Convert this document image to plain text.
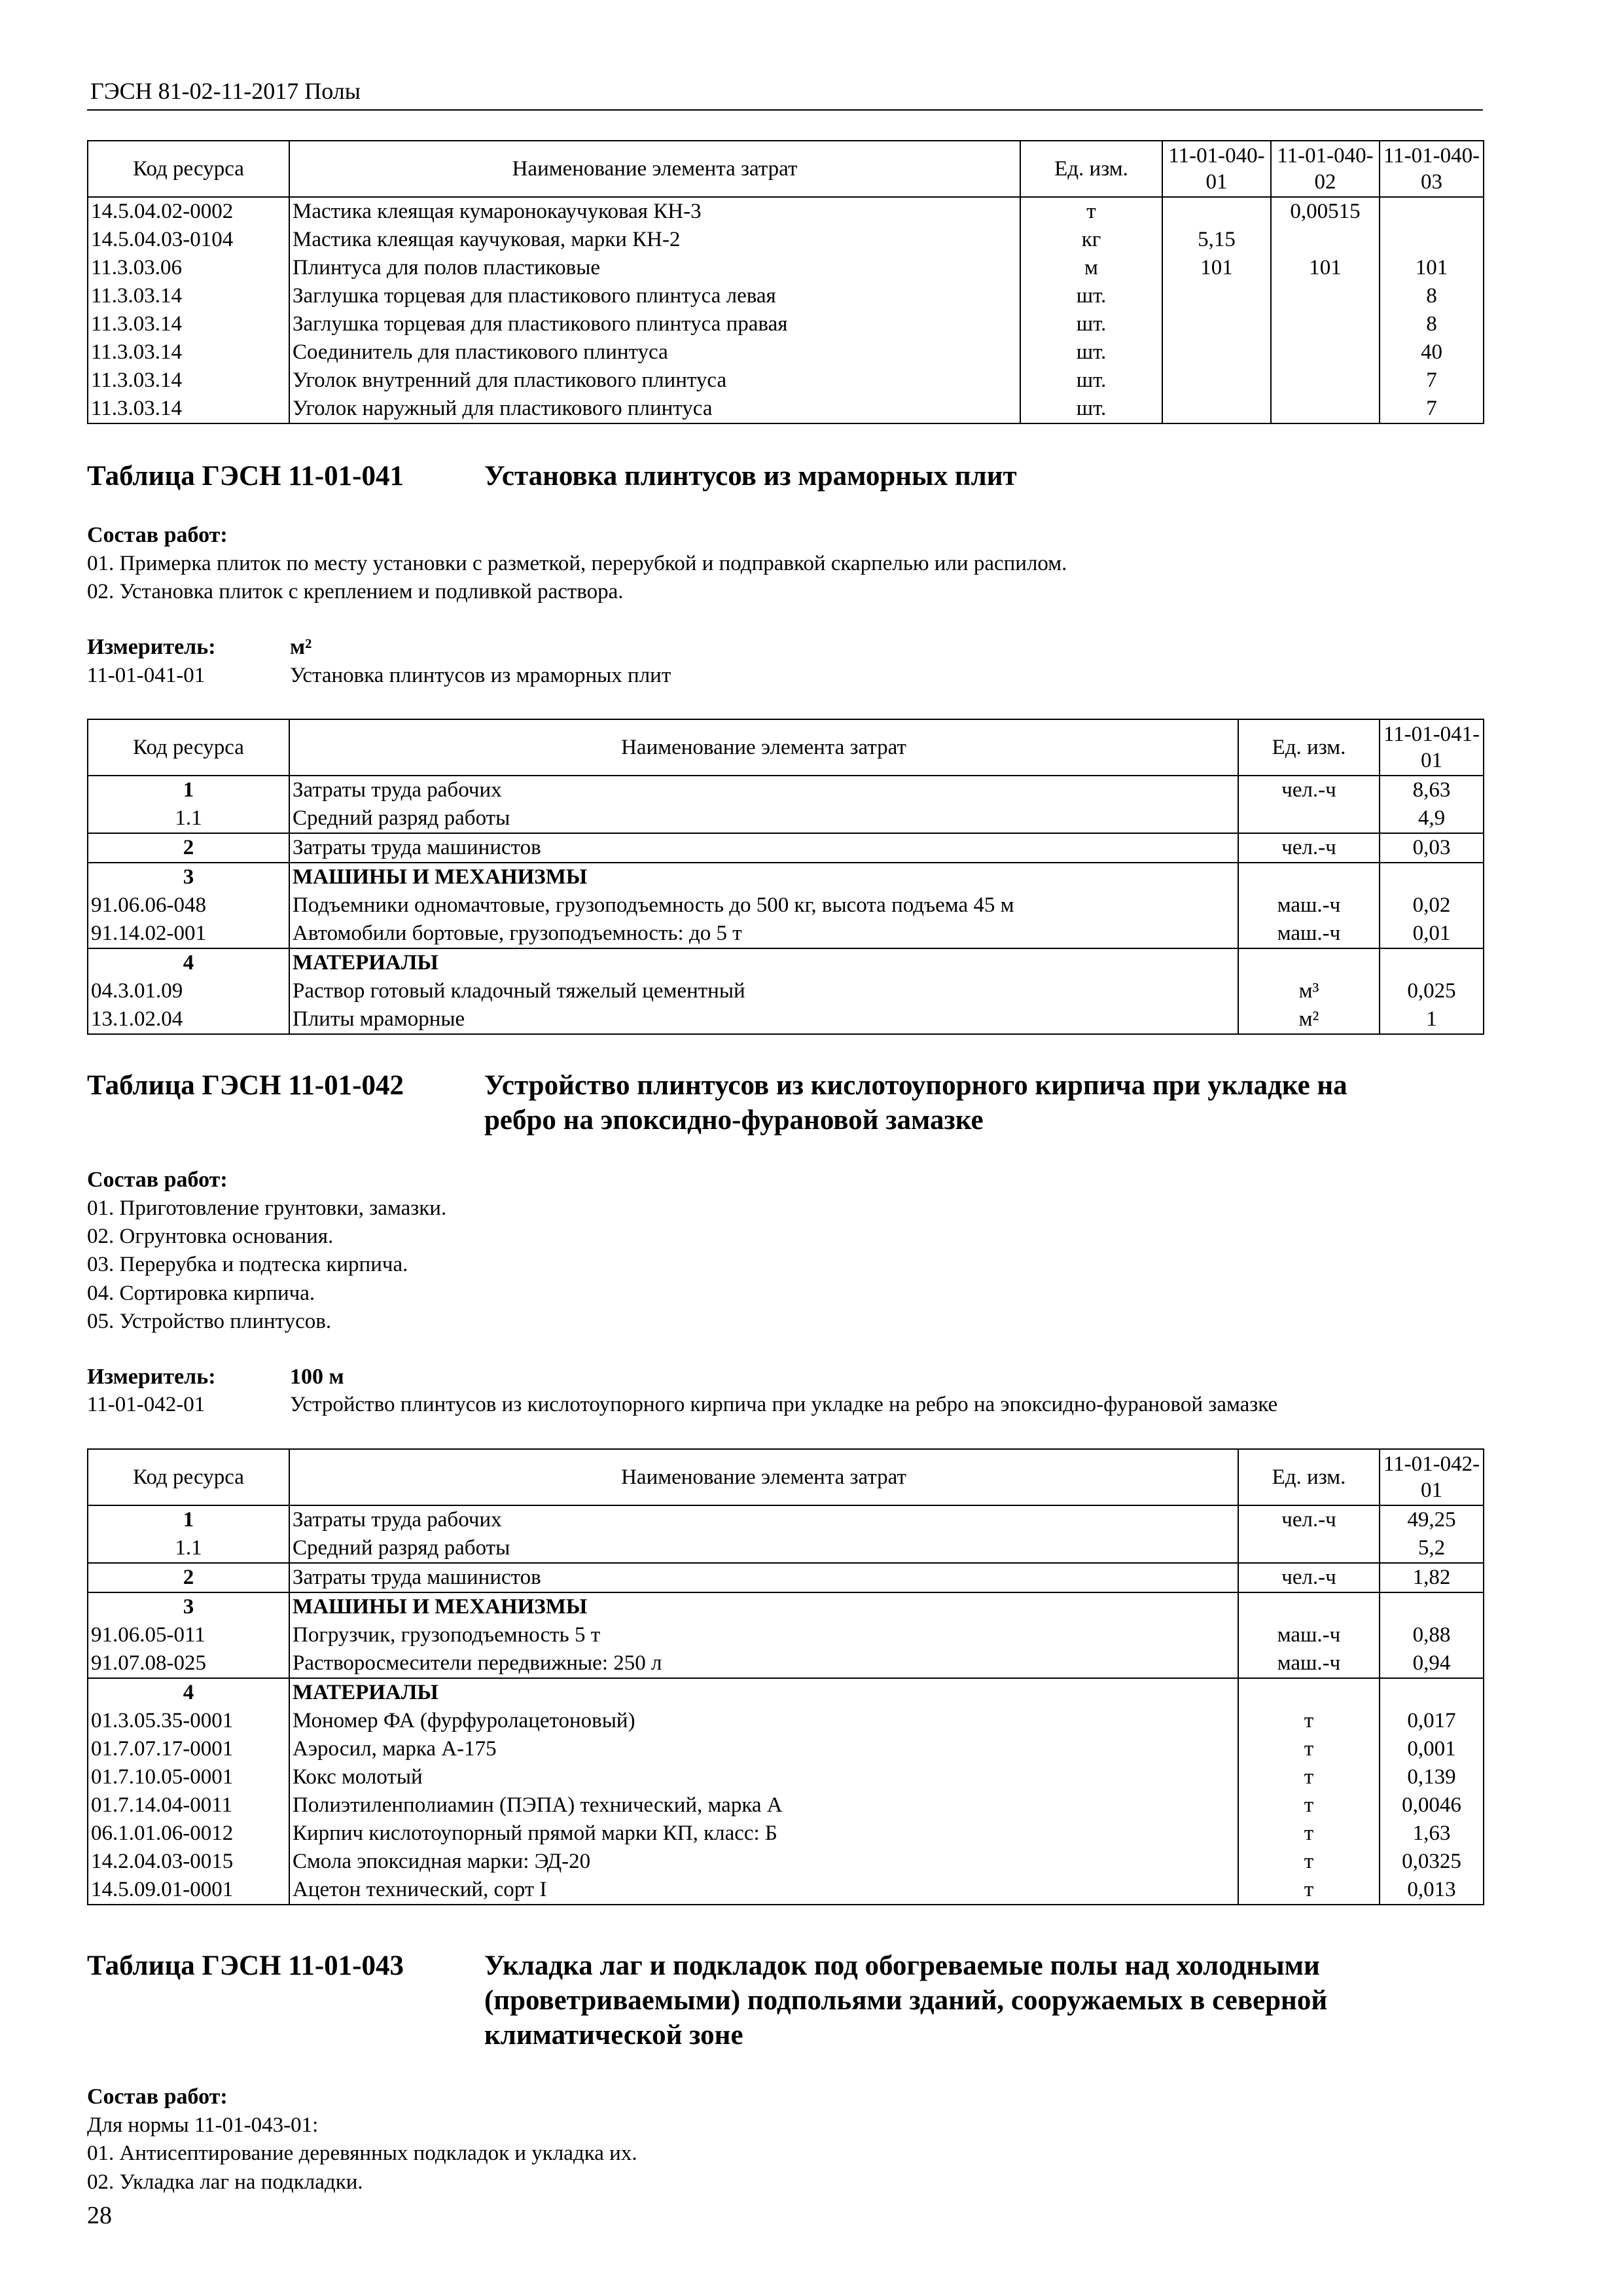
ГЭСН 81-02-11-2017 Полы
Код ресурса	Наименование элемента затрат	Ед. изм.	11-01-040-01	11-01-040-02	11-01-040-03
14.5.04.02-0002	Мастика клеящая кумаронокаучуковая КН-3	т		0,00515	
14.5.04.03-0104	Мастика клеящая каучуковая, марки КН-2	кг	5,15		
11.3.03.06	Плинтуса для полов пластиковые	м	101	101	101
11.3.03.14	Заглушка торцевая для пластикового плинтуса левая	шт.			8
11.3.03.14	Заглушка торцевая для пластикового плинтуса правая	шт.			8
11.3.03.14	Соединитель для пластикового плинтуса	шт.			40
11.3.03.14	Уголок внутренний для пластикового плинтуса	шт.			7
11.3.03.14	Уголок наружный для пластикового плинтуса	шт.			7
Таблица ГЭСН 11-01-041	Установка плинтусов из мраморных плит
Состав работ:
01. Примерка плиток по месту установки с разметкой, перерубкой и подправкой скарпелью или распилом.
02. Установка плиток с креплением и подливкой раствора.
Измеритель:	м²
11-01-041-01	Установка плинтусов из мраморных плит
Код ресурса	Наименование элемента затрат	Ед. изм.	11-01-041-01
1	Затраты труда рабочих	чел.-ч	8,63
1.1	Средний разряд работы		4,9
2	Затраты труда машинистов	чел.-ч	0,03
3	МАШИНЫ И МЕХАНИЗМЫ		
91.06.06-048	Подъемники одномачтовые, грузоподъемность до 500 кг, высота подъема 45 м	маш.-ч	0,02
91.14.02-001	Автомобили бортовые, грузоподъемность: до 5 т	маш.-ч	0,01
4	МАТЕРИАЛЫ		
04.3.01.09	Раствор готовый кладочный тяжелый цементный	м³	0,025
13.1.02.04	Плиты мраморные	м²	1
Таблица ГЭСН 11-01-042	Устройство плинтусов из кислотоупорного кирпича при укладке на
ребро на эпоксидно-фурановой замазке
Состав работ:
01. Приготовление грунтовки, замазки.
02. Огрунтовка основания.
03. Перерубка и подтеска кирпича.
04. Сортировка кирпича.
05. Устройство плинтусов.
Измеритель:	100 м
11-01-042-01	Устройство плинтусов из кислотоупорного кирпича при укладке на ребро на эпоксидно-фурановой замазке
Код ресурса	Наименование элемента затрат	Ед. изм.	11-01-042-01
1	Затраты труда рабочих	чел.-ч	49,25
1.1	Средний разряд работы		5,2
2	Затраты труда машинистов	чел.-ч	1,82
3	МАШИНЫ И МЕХАНИЗМЫ		
91.06.05-011	Погрузчик, грузоподъемность 5 т	маш.-ч	0,88
91.07.08-025	Растворосмесители передвижные: 250 л	маш.-ч	0,94
4	МАТЕРИАЛЫ		
01.3.05.35-0001	Мономер ФА (фурфуролацетоновый)	т	0,017
01.7.07.17-0001	Аэросил, марка А-175	т	0,001
01.7.10.05-0001	Кокс молотый	т	0,139
01.7.14.04-0011	Полиэтиленполиамин (ПЭПА) технический, марка А	т	0,0046
06.1.01.06-0012	Кирпич кислотоупорный прямой марки КП, класс: Б	т	1,63
14.2.04.03-0015	Смола эпоксидная марки: ЭД-20	т	0,0325
14.5.09.01-0001	Ацетон технический, сорт I	т	0,013
Таблица ГЭСН 11-01-043	Укладка лаг и подкладок под обогреваемые полы над холодными
(проветриваемыми) подпольями зданий, сооружаемых в северной
климатической зоне
Состав работ:
Для нормы 11-01-043-01:
01. Антисептирование деревянных подкладок и укладка их.
02. Укладка лаг на подкладки.
28
